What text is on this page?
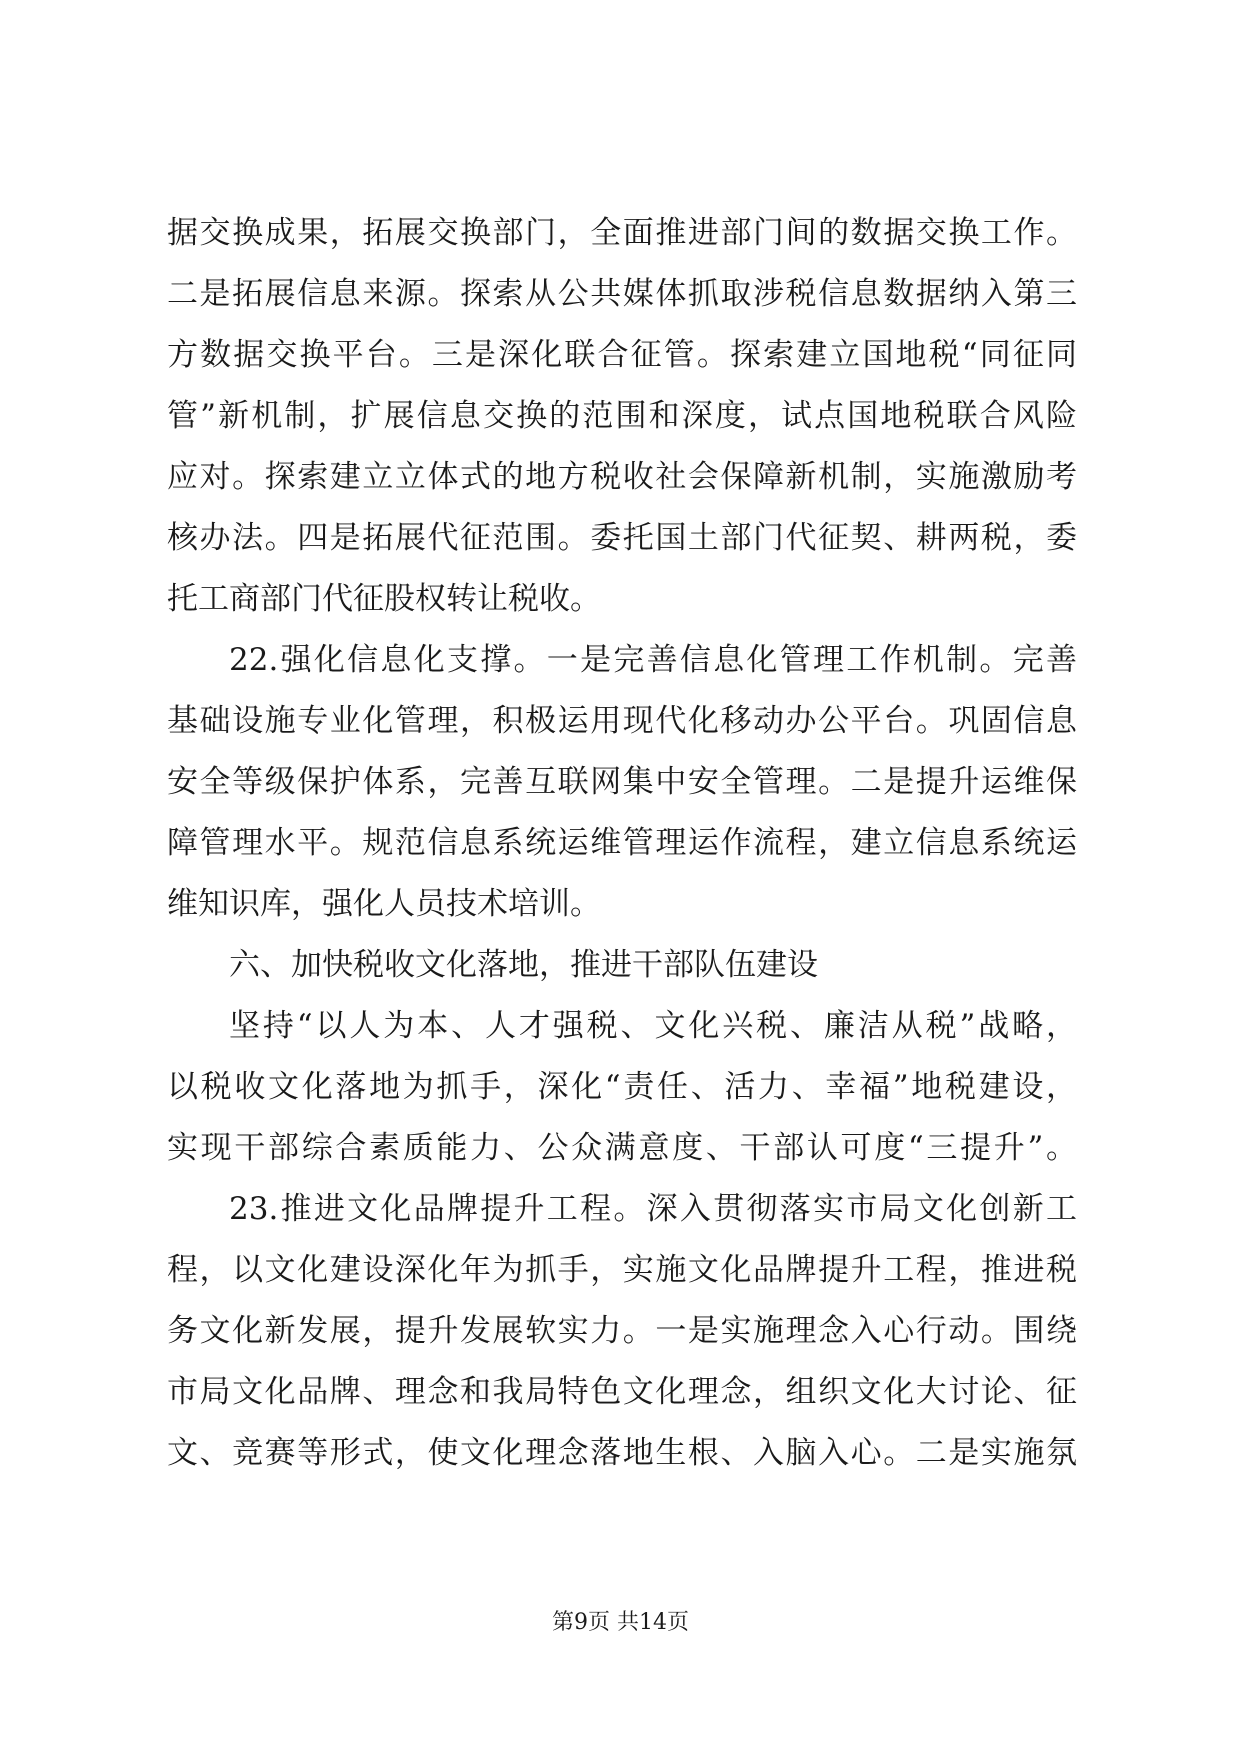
据交换成果，拓展交换部门，全面推进部门间的数据交换工作。
二是拓展信息来源。探索从公共媒体抓取涉税信息数据纳入第三
方数据交换平台。三是深化联合征管。探索建立国地税“同征同
管”新机制，扩展信息交换的范围和深度，试点国地税联合风险
应对。探索建立立体式的地方税收社会保障新机制，实施激励考
核办法。四是拓展代征范围。委托国土部门代征契、耕两税，委
托工商部门代征股权转让税收。
22.强化信息化支撑。一是完善信息化管理工作机制。完善
基础设施专业化管理，积极运用现代化移动办公平台。巩固信息
安全等级保护体系，完善互联网集中安全管理。二是提升运维保
障管理水平。规范信息系统运维管理运作流程，建立信息系统运
维知识库，强化人员技术培训。
六、加快税收文化落地，推进干部队伍建设
坚持“以人为本、人才强税、文化兴税、廉洁从税”战略，
以税收文化落地为抓手，深化“责任、活力、幸福”地税建设，
实现干部综合素质能力、公众满意度、干部认可度“三提升”。
23.推进文化品牌提升工程。深入贯彻落实市局文化创新工
程，以文化建设深化年为抓手，实施文化品牌提升工程，推进税
务文化新发展，提升发展软实力。一是实施理念入心行动。围绕
市局文化品牌、理念和我局特色文化理念，组织文化大讨论、征
文、竞赛等形式，使文化理念落地生根、入脑入心。二是实施氛
第9页 共14页
